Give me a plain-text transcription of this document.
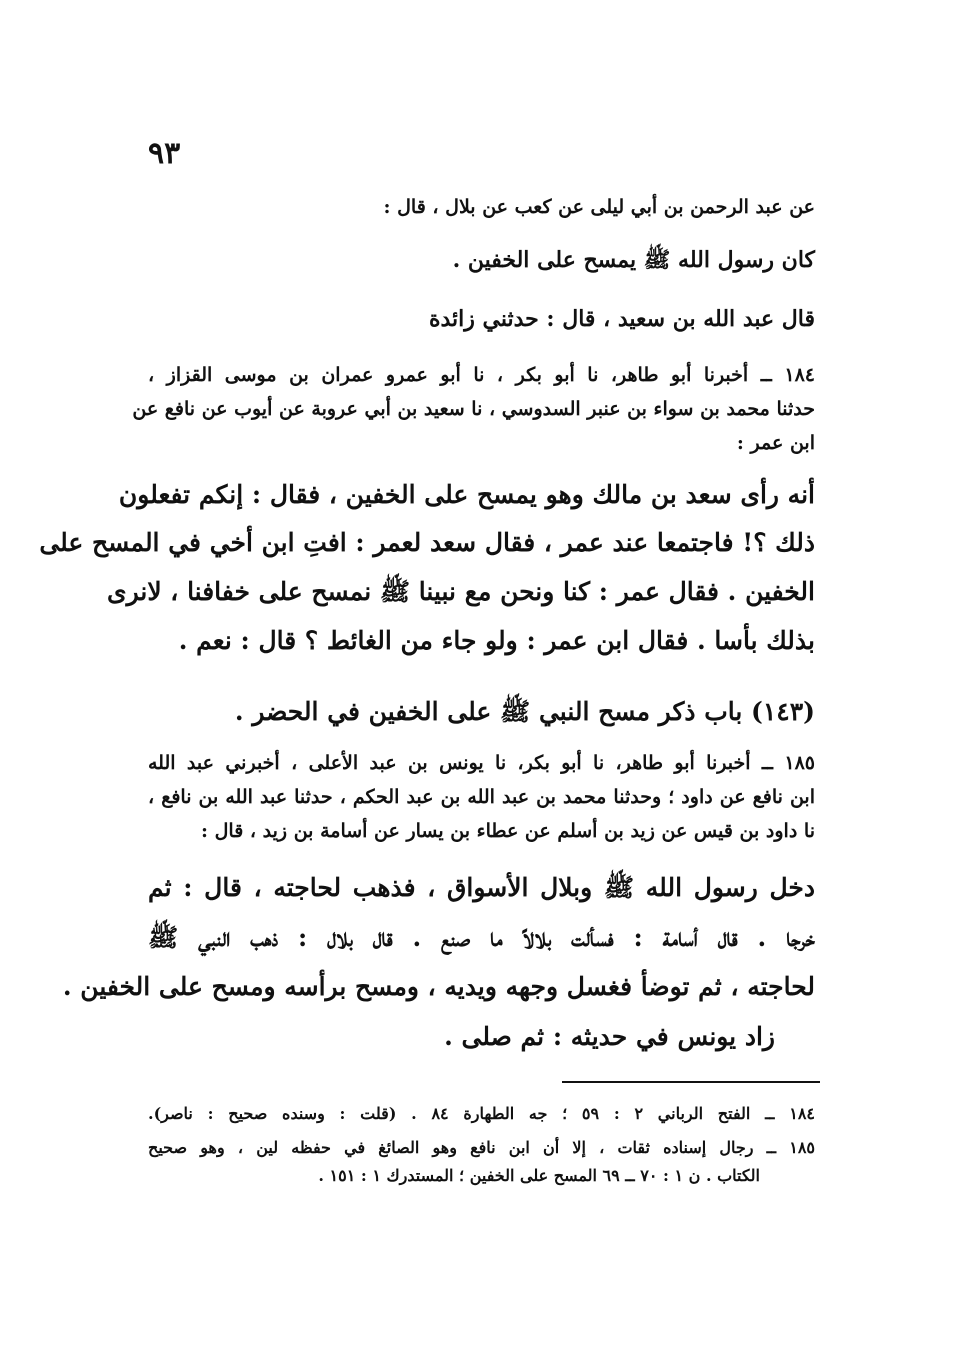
٩٣
عن عبد الرحمن بن أبي ليلى عن كعب عن بلال ، قال :
كان رسول الله ﷺ يمسح على الخفين .
قال عبد الله بن سعيد ، قال : حدثني زائدة
١٨٤ ــ أخبرنا أبو طاهر، نا أبو بكر ، نا أبو عمرو عمران بن موسى القزاز ،
حدثنا محمد بن سواء بن عنبر السدوسي ، نا سعيد بن أبي عروبة عن أيوب عن نافع عن
ابن عمر :
أنه رأى سعد بن مالك وهو يمسح على الخفين ، فقال : إنكم تفعلون
ذلك ؟! فاجتمعا عند عمر ، فقال سعد لعمر : افتِ ابن أخي في المسح على
الخفين . فقال عمر : كنا ونحن مع نبينا ﷺ نمسح على خفافنا ، لانرى
بذلك بأسا . فقال ابن عمر : ولو جاء من الغائط ؟ قال : نعم .
(١٤٣) باب ذكر مسح النبي ﷺ على الخفين في الحضر .
١٨٥ ــ أخبرنا أبو طاهر، نا أبو بكر، نا يونس بن عبد الأعلى ، أخبرني عبد الله
ابن نافع عن داود ؛ وحدثنا محمد بن عبد الله بن عبد الحكم ، حدثنا عبد الله بن نافع ،
نا داود بن قيس عن زيد بن أسلم عن عطاء بن يسار عن أسامة بن زيد ، قال :
دخل رسول الله ﷺ وبلال الأسواق ، فذهب لحاجته ، قال : ثم
خرجا . قال أسامة : فسألت بلالاً ما صنع . قال بلال : ذهب النبي ﷺ
لحاجته ، ثم توضأ فغسل وجهه ويديه ، ومسح برأسه ومسح على الخفين .
زاد يونس في حديثه : ثم صلى .
١٨٤ ــ الفتح الرباني ٢ : ٥٩ ؛ جه الطهارة ٨٤ . (قلت : وسنده صحيح : ناصر).
١٨٥ ــ رجال إسناده ثقات ، إلا أن ابن نافع وهو الصائغ في حفظه لين ، وهو صحيح
الكتاب . ن ١ : ٧٠ ــ ٦٩ المسح على الخفين ؛ المستدرك ١ : ١٥١ .
